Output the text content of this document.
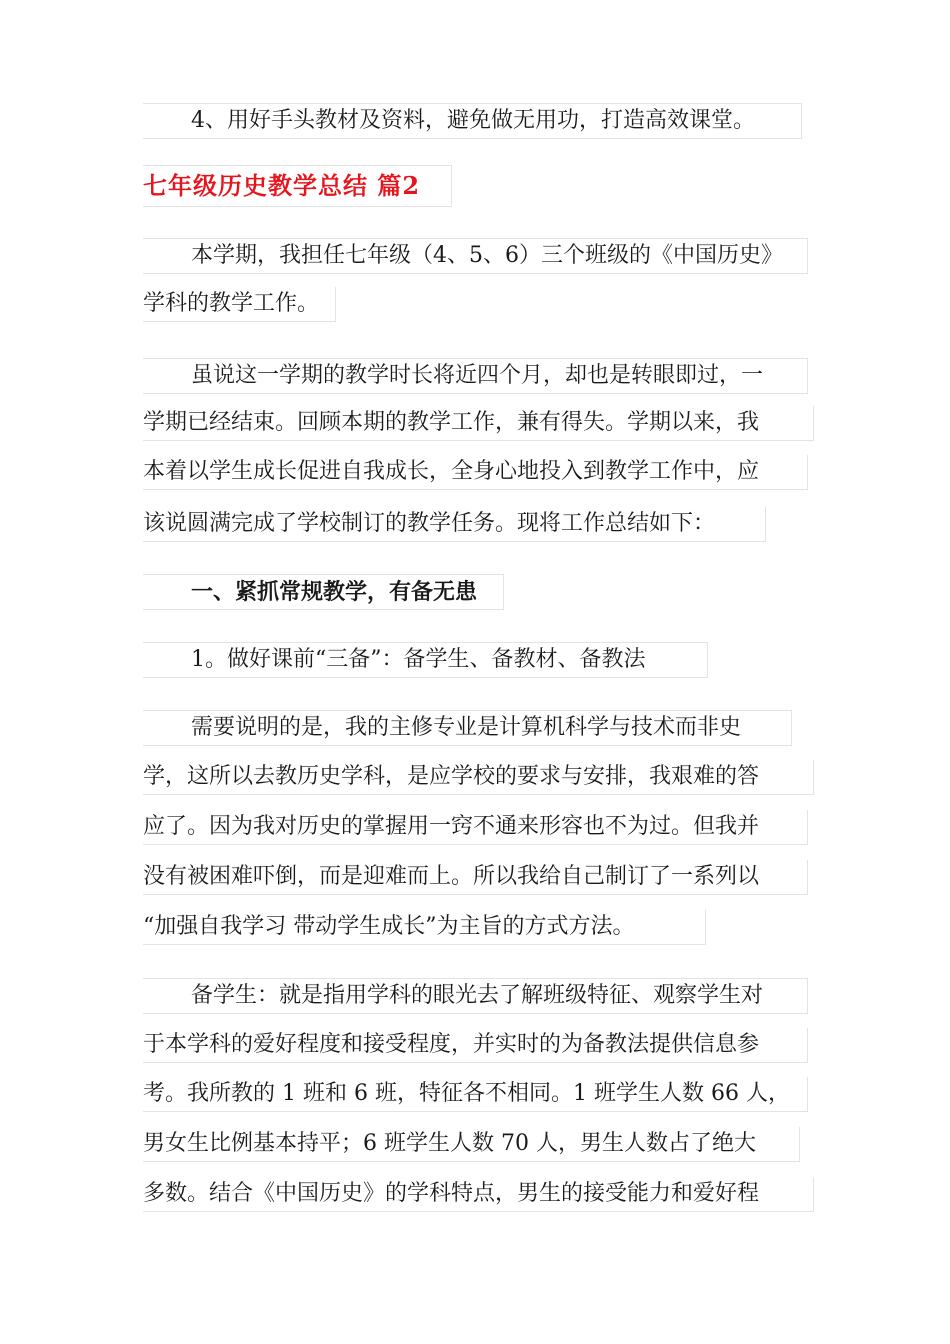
4、用好手头教材及资料，避免做无用功，打造高效课堂。
七年级历史教学总结 篇2
本学期，我担任七年级（4、5、6）三个班级的《中国历史》
学科的教学工作。
虽说这一学期的教学时长将近四个月，却也是转眼即过，一
学期已经结束。回顾本期的教学工作，兼有得失。学期以来，我
本着以学生成长促进自我成长，全身心地投入到教学工作中，应
该说圆满完成了学校制订的教学任务。现将工作总结如下：
一、紧抓常规教学，有备无患
1。做好课前“三备”：备学生、备教材、备教法
需要说明的是，我的主修专业是计算机科学与技术而非史
学，这所以去教历史学科，是应学校的要求与安排，我艰难的答
应了。因为我对历史的掌握用一窍不通来形容也不为过。但我并
没有被困难吓倒，而是迎难而上。所以我给自己制订了一系列以
“加强自我学习 带动学生成长”为主旨的方式方法。
备学生：就是指用学科的眼光去了解班级特征、观察学生对
于本学科的爱好程度和接受程度，并实时的为备教法提供信息参
考。我所教的 1 班和 6 班，特征各不相同。1 班学生人数 66 人，
男女生比例基本持平；6 班学生人数 70 人，男生人数占了绝大
多数。结合《中国历史》的学科特点，男生的接受能力和爱好程
